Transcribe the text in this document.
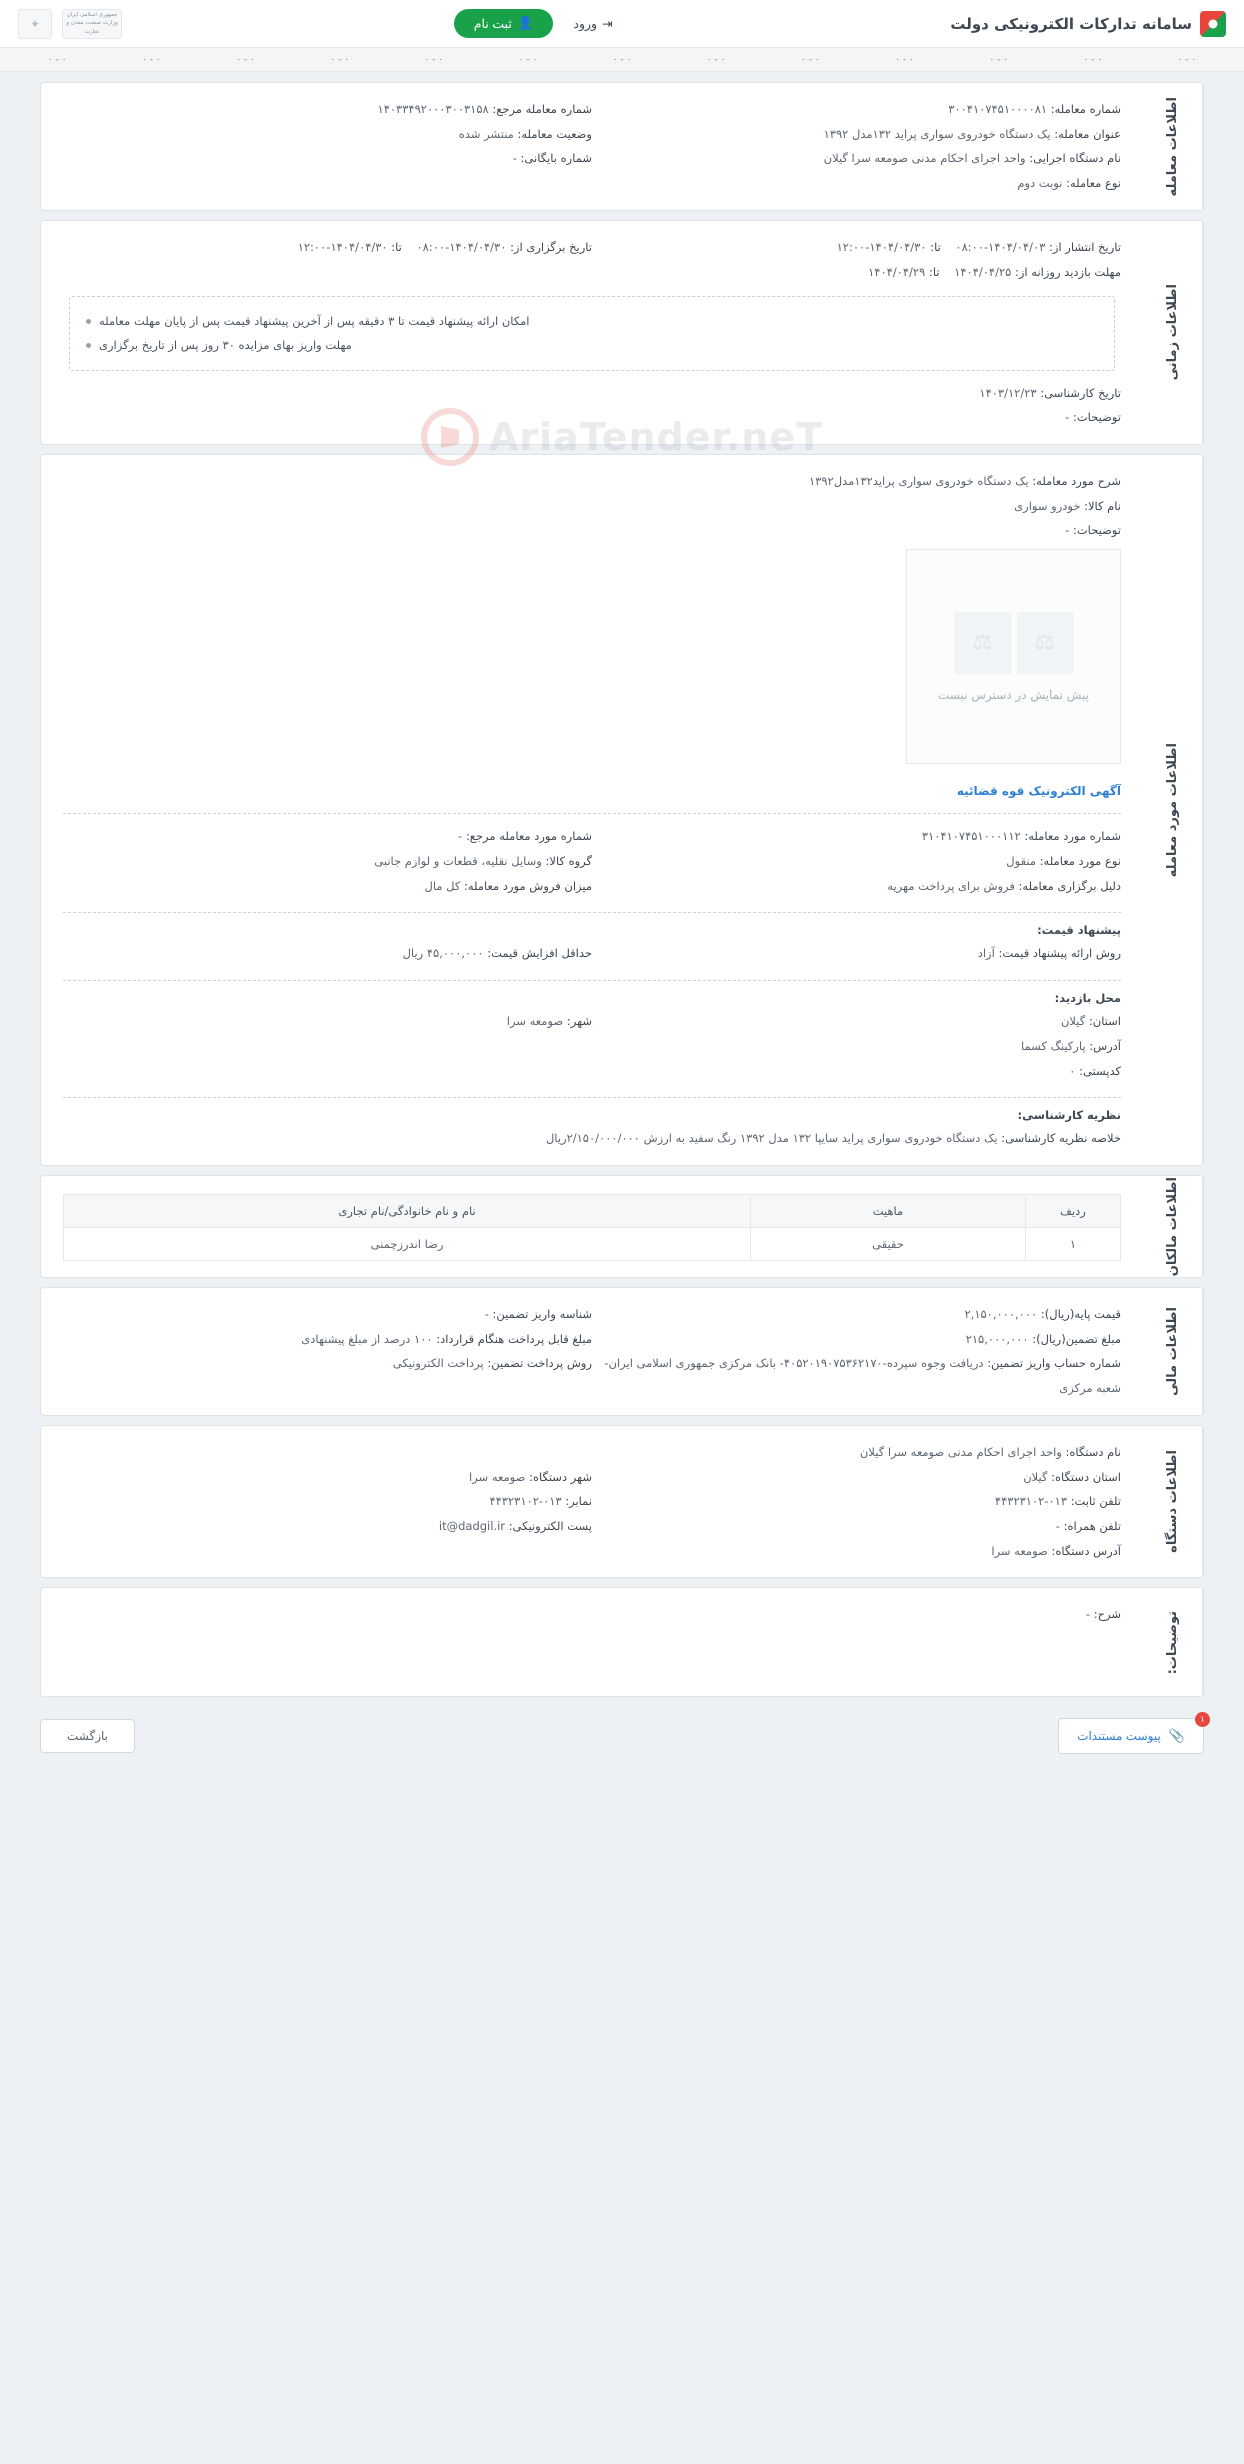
سامانه تدارکات الکترونیکی دولت
⇥
ورود
👤
ثبت نام
جمهوری اسلامی ایران وزارت صنعت، معدن و تجارت
✦
۰ - ۰
۰ - ۰
۰ - ۰
۰ - ۰
۰ - ۰
۰ - ۰
۰ - ۰
۰ - ۰
۰ - ۰
۰ - ۰
۰ - ۰
۰ - ۰
۰ - ۰
اطلاعات معامله
شماره معامله: ۳۰۰۴۱۰۷۴۵۱۰۰۰۰۸۱
عنوان معامله: یک دستگاه خودروی سواری پراید ۱۳۲مدل ۱۳۹۲
نام دستگاه اجرایی: واحد اجرای احکام مدنی صومعه سرا گیلان
نوع معامله: نوبت دوم
شماره معامله مرجع: ۱۴۰۳۳۴۹۲۰۰۰۳۰۰۳۱۵۸
وضعیت معامله: منتشر شده
شماره بایگانی: -
اطلاعات زمانی
تاریخ انتشار از: ۱۴۰۴/۰۴/۰۳-۰۸:۰۰    تا: ۱۴۰۴/۰۴/۳۰-۱۲:۰۰
مهلت بازدید روزانه از: ۱۴۰۴/۰۴/۲۵    تا: ۱۴۰۴/۰۴/۲۹
تاریخ برگزاری از: ۱۴۰۴/۰۴/۳۰-۰۸:۰۰    تا: ۱۴۰۴/۰۴/۳۰-۱۲:۰۰
امکان ارائه پیشنهاد قیمت تا ۳ دقیقه پس از آخرین پیشنهاد قیمت پس از پایان مهلت معامله
مهلت واریز بهای مزایده ۳۰ روز پس از تاریخ برگزاری
تاریخ کارشناسی: ۱۴۰۳/۱۲/۲۳
توضیحات: -
اطلاعات مورد معامله
شرح مورد معامله: یک دستگاه خودروی سواری پراید۱۳۲مدل۱۳۹۲
نام کالا: خودرو سواری
توضیحات: -
⚖
⚖
پیش نمایش در دسترس نیست
آگهی الکترونیک قوه قضائیه
شماره مورد معامله: ۳۱۰۴۱۰۷۴۵۱۰۰۰۱۱۲
نوع مورد معامله: منقول
دلیل برگزاری معامله: فروش برای پرداخت مهریه
شماره مورد معامله مرجع: -
گروه کالا: وسایل نقلیه، قطعات و لوازم جانبی
میزان فروش مورد معامله: کل مال
پیشنهاد قیمت:
روش ارائه پیشنهاد قیمت: آزاد
حداقل افزایش قیمت: ۴۵,۰۰۰,۰۰۰ ریال
محل بازدید:
استان: گیلان
آدرس: پارکینگ کسما
کدپستی: ۰
شهر: صومعه سرا
نظریه کارشناسی:
خلاصه نظریه کارشناسی: یک دستگاه خودروی سواری پراید سایپا ۱۳۲ مدل ۱۳۹۲ رنگ سفید به ارزش ۲/۱۵۰/۰۰۰/۰۰۰ریال
اطلاعات مالکان
ردیف	ماهیت	نام و نام خانوادگی/نام تجاری
۱	حقیقی	رضا اندرزچمنی
اطلاعات مالی
قیمت پایه(ریال): ۲,۱۵۰,۰۰۰,۰۰۰
مبلغ تضمین(ریال): ۲۱۵,۰۰۰,۰۰۰
شماره حساب واریز تضمین: دریافت وجوه سپرده-۴۰۵۲۰۱۹۰۷۵۳۶۲۱۷۰- بانک مرکزی جمهوری اسلامی ایران- شعبه مرکزی
شناسه واریز تضمین: -
مبلغ قابل پرداخت هنگام قرارداد: ۱۰۰ درصد از مبلغ پیشنهادی
روش پرداخت تضمین: پرداخت الکترونیکی
اطلاعات دستگاه
نام دستگاه: واحد اجرای احکام مدنی صومعه سرا گیلان
استان دستگاه: گیلان
تلفن ثابت: ۰۱۳-۴۴۳۲۳۱۰۲
تلفن همراه: -
آدرس دستگاه: صومعه سرا
شهر دستگاه: صومعه سرا
نمابر: ۰۱۳-۴۴۳۲۳۱۰۲
پست الکترونیکی: it@dadgil.ir
توضیحات:
شرح: -
۱
📎
پیوست مستندات
بازگشت
AriaTender.neT
